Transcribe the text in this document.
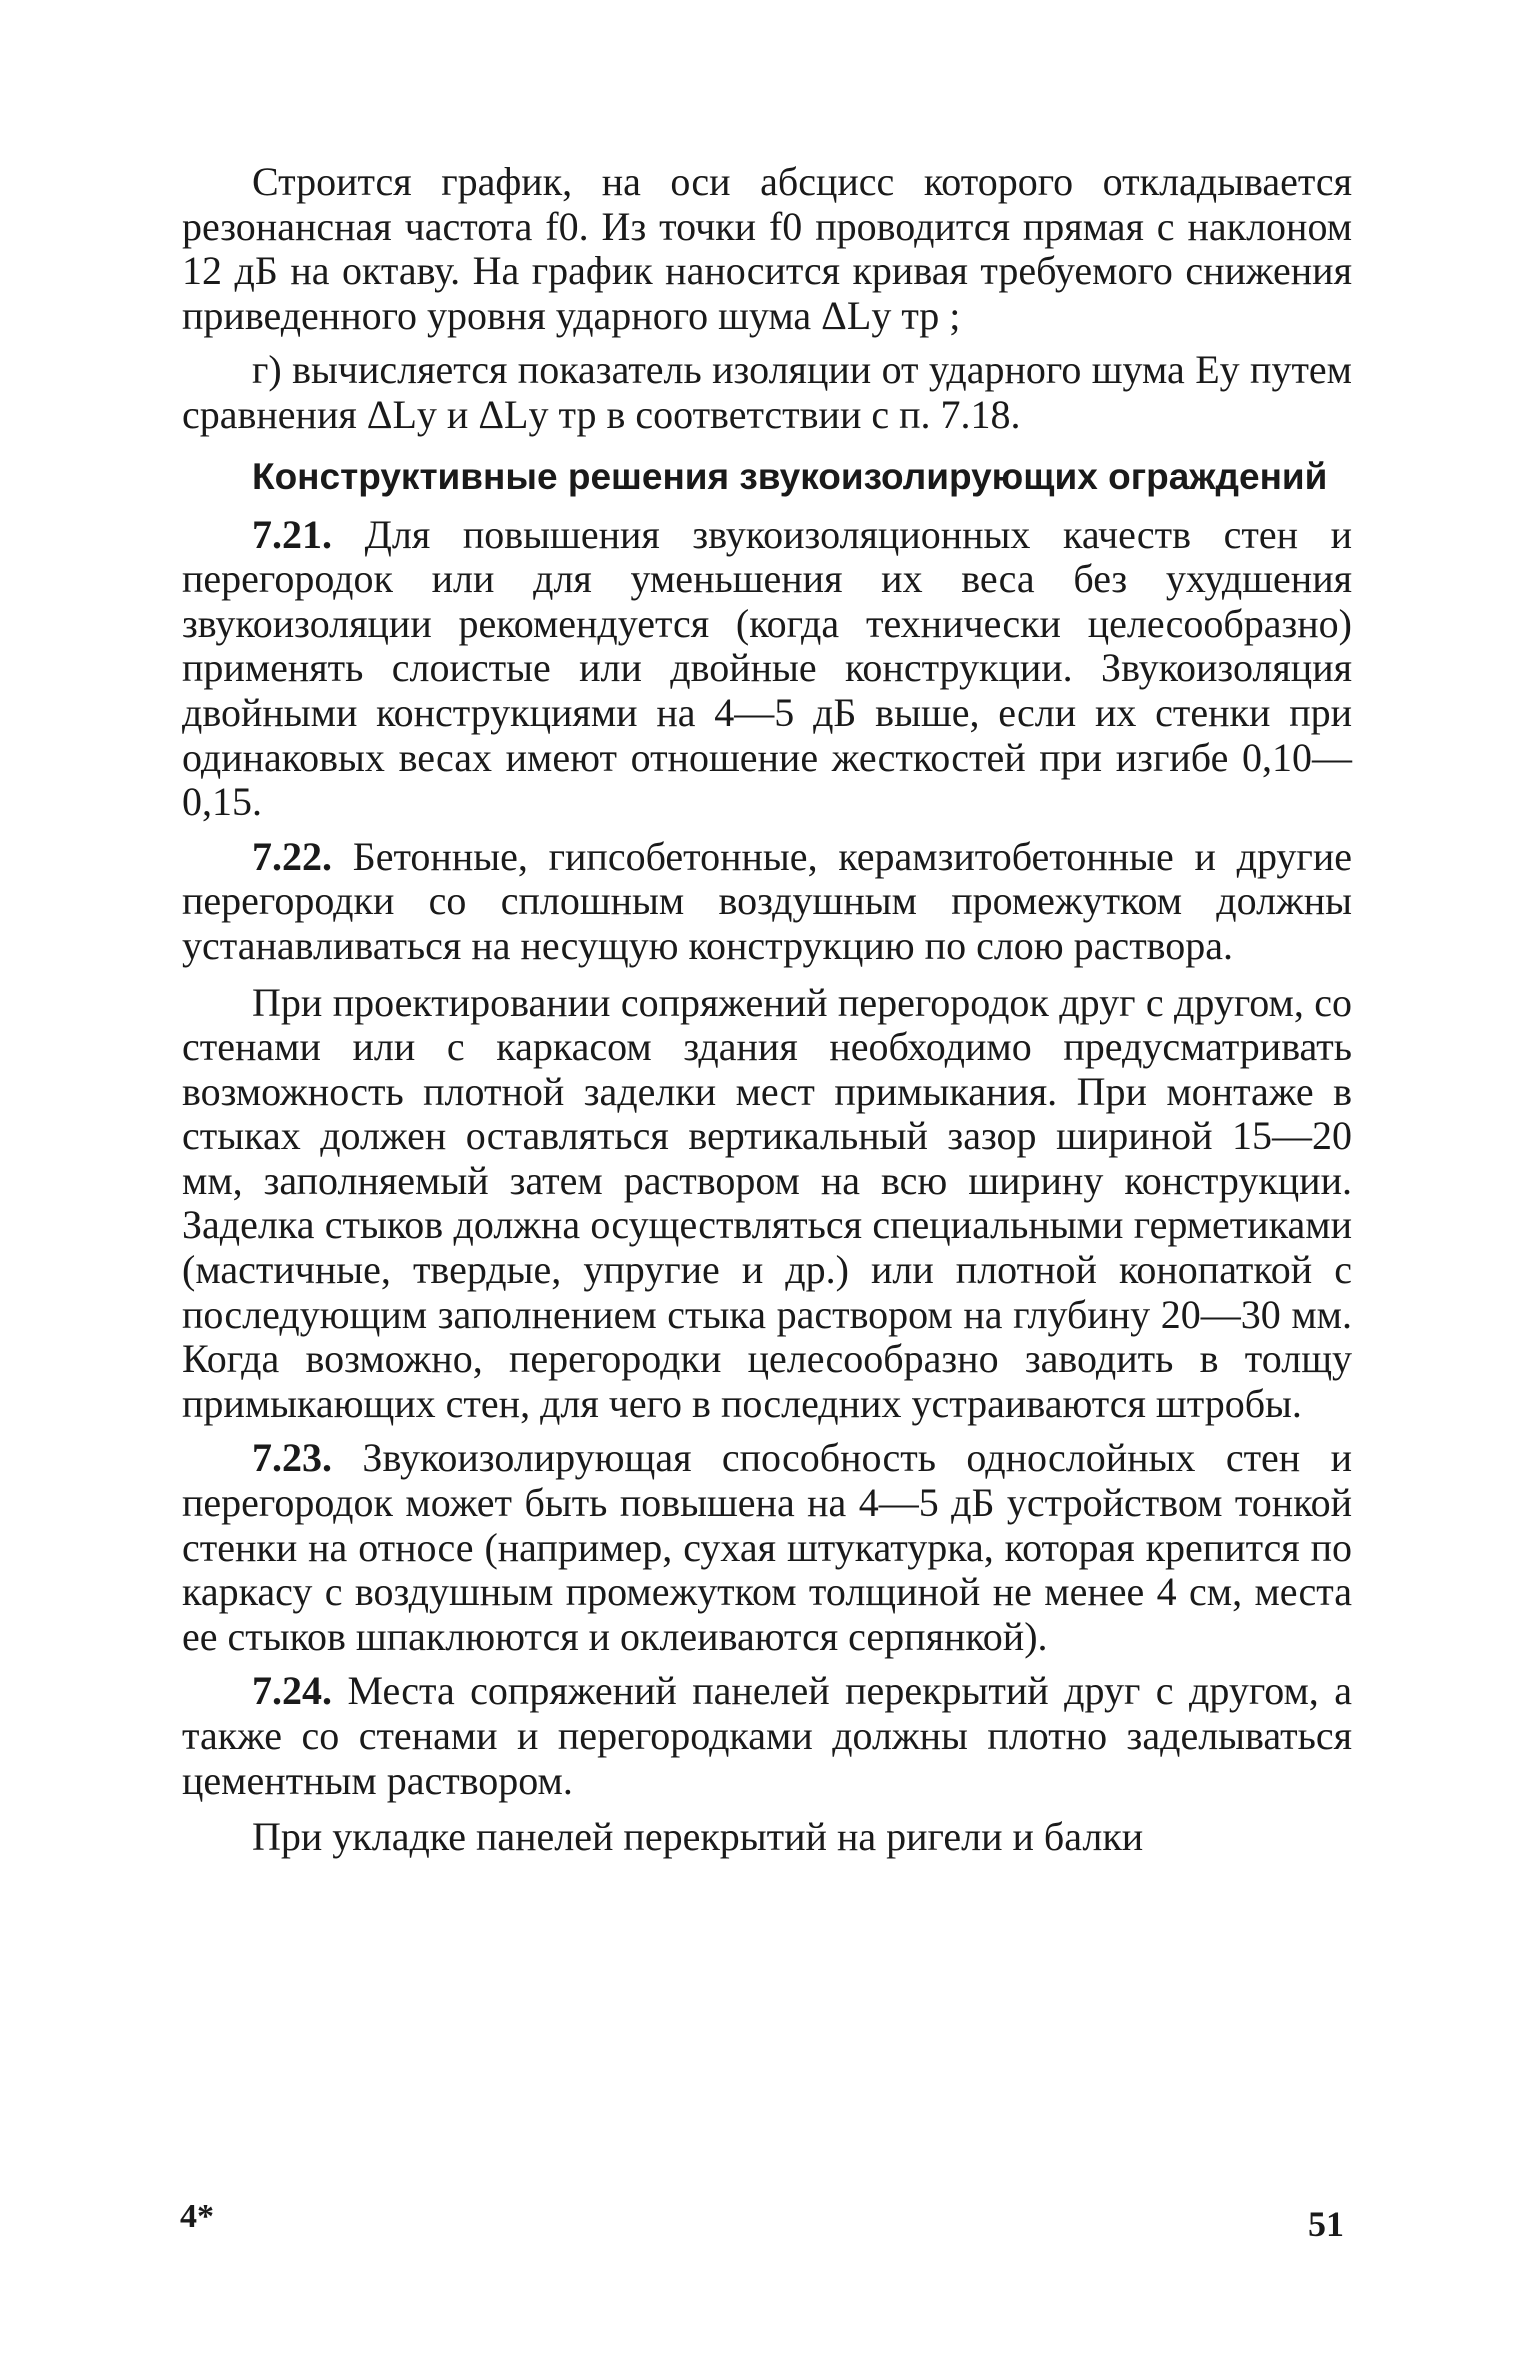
Строится график, на оси абсцисс которого откладывается резонансная частота f0. Из точки f0 проводится прямая с наклоном 12 дБ на октаву. На график наносится кривая требуемого снижения приведенного уровня ударного шума ΔLу тр ;

г) вычисляется показатель изоляции от ударного шума Eу путем сравнения ΔLу и ΔLу тр в соответствии с п. 7.18.

Конструктивные решения звукоизолирующих ограждений

7.21. Для повышения звукоизоляционных качеств стен и перегородок или для уменьшения их веса без ухудшения звукоизоляции рекомендуется (когда технически целесообразно) применять слоистые или двойные конструкции. Звукоизоляция двойными конструкциями на 4—5 дБ выше, если их стенки при одинаковых весах имеют отношение жесткостей при изгибе 0,10—0,15.

7.22. Бетонные, гипсобетонные, керамзитобетонные и другие перегородки со сплошным воздушным промежутком должны устанавливаться на несущую конструкцию по слою раствора.

При проектировании сопряжений перегородок друг с другом, со стенами или с каркасом здания необходимо предусматривать возможность плотной заделки мест примыкания. При монтаже в стыках должен оставляться вертикальный зазор шириной 15—20 мм, заполняемый затем раствором на всю ширину конструкции. Заделка стыков должна осуществляться специальными герметиками (мастичные, твердые, упругие и др.) или плотной конопаткой с последующим заполнением стыка раствором на глубину 20—30 мм. Когда возможно, перегородки целесообразно заводить в толщу примыкающих стен, для чего в последних устраиваются штробы.

7.23. Звукоизолирующая способность однослойных стен и перегородок может быть повышена на 4—5 дБ устройством тонкой стенки на относе (например, сухая штукатурка, которая крепится по каркасу с воздушным промежутком толщиной не менее 4 см, места ее стыков шпаклюются и оклеиваются серпянкой).

7.24. Места сопряжений панелей перекрытий друг с другом, а также со стенами и перегородками должны плотно заделываться цементным раствором.

При укладке панелей перекрытий на ригели и балки

4*	51
